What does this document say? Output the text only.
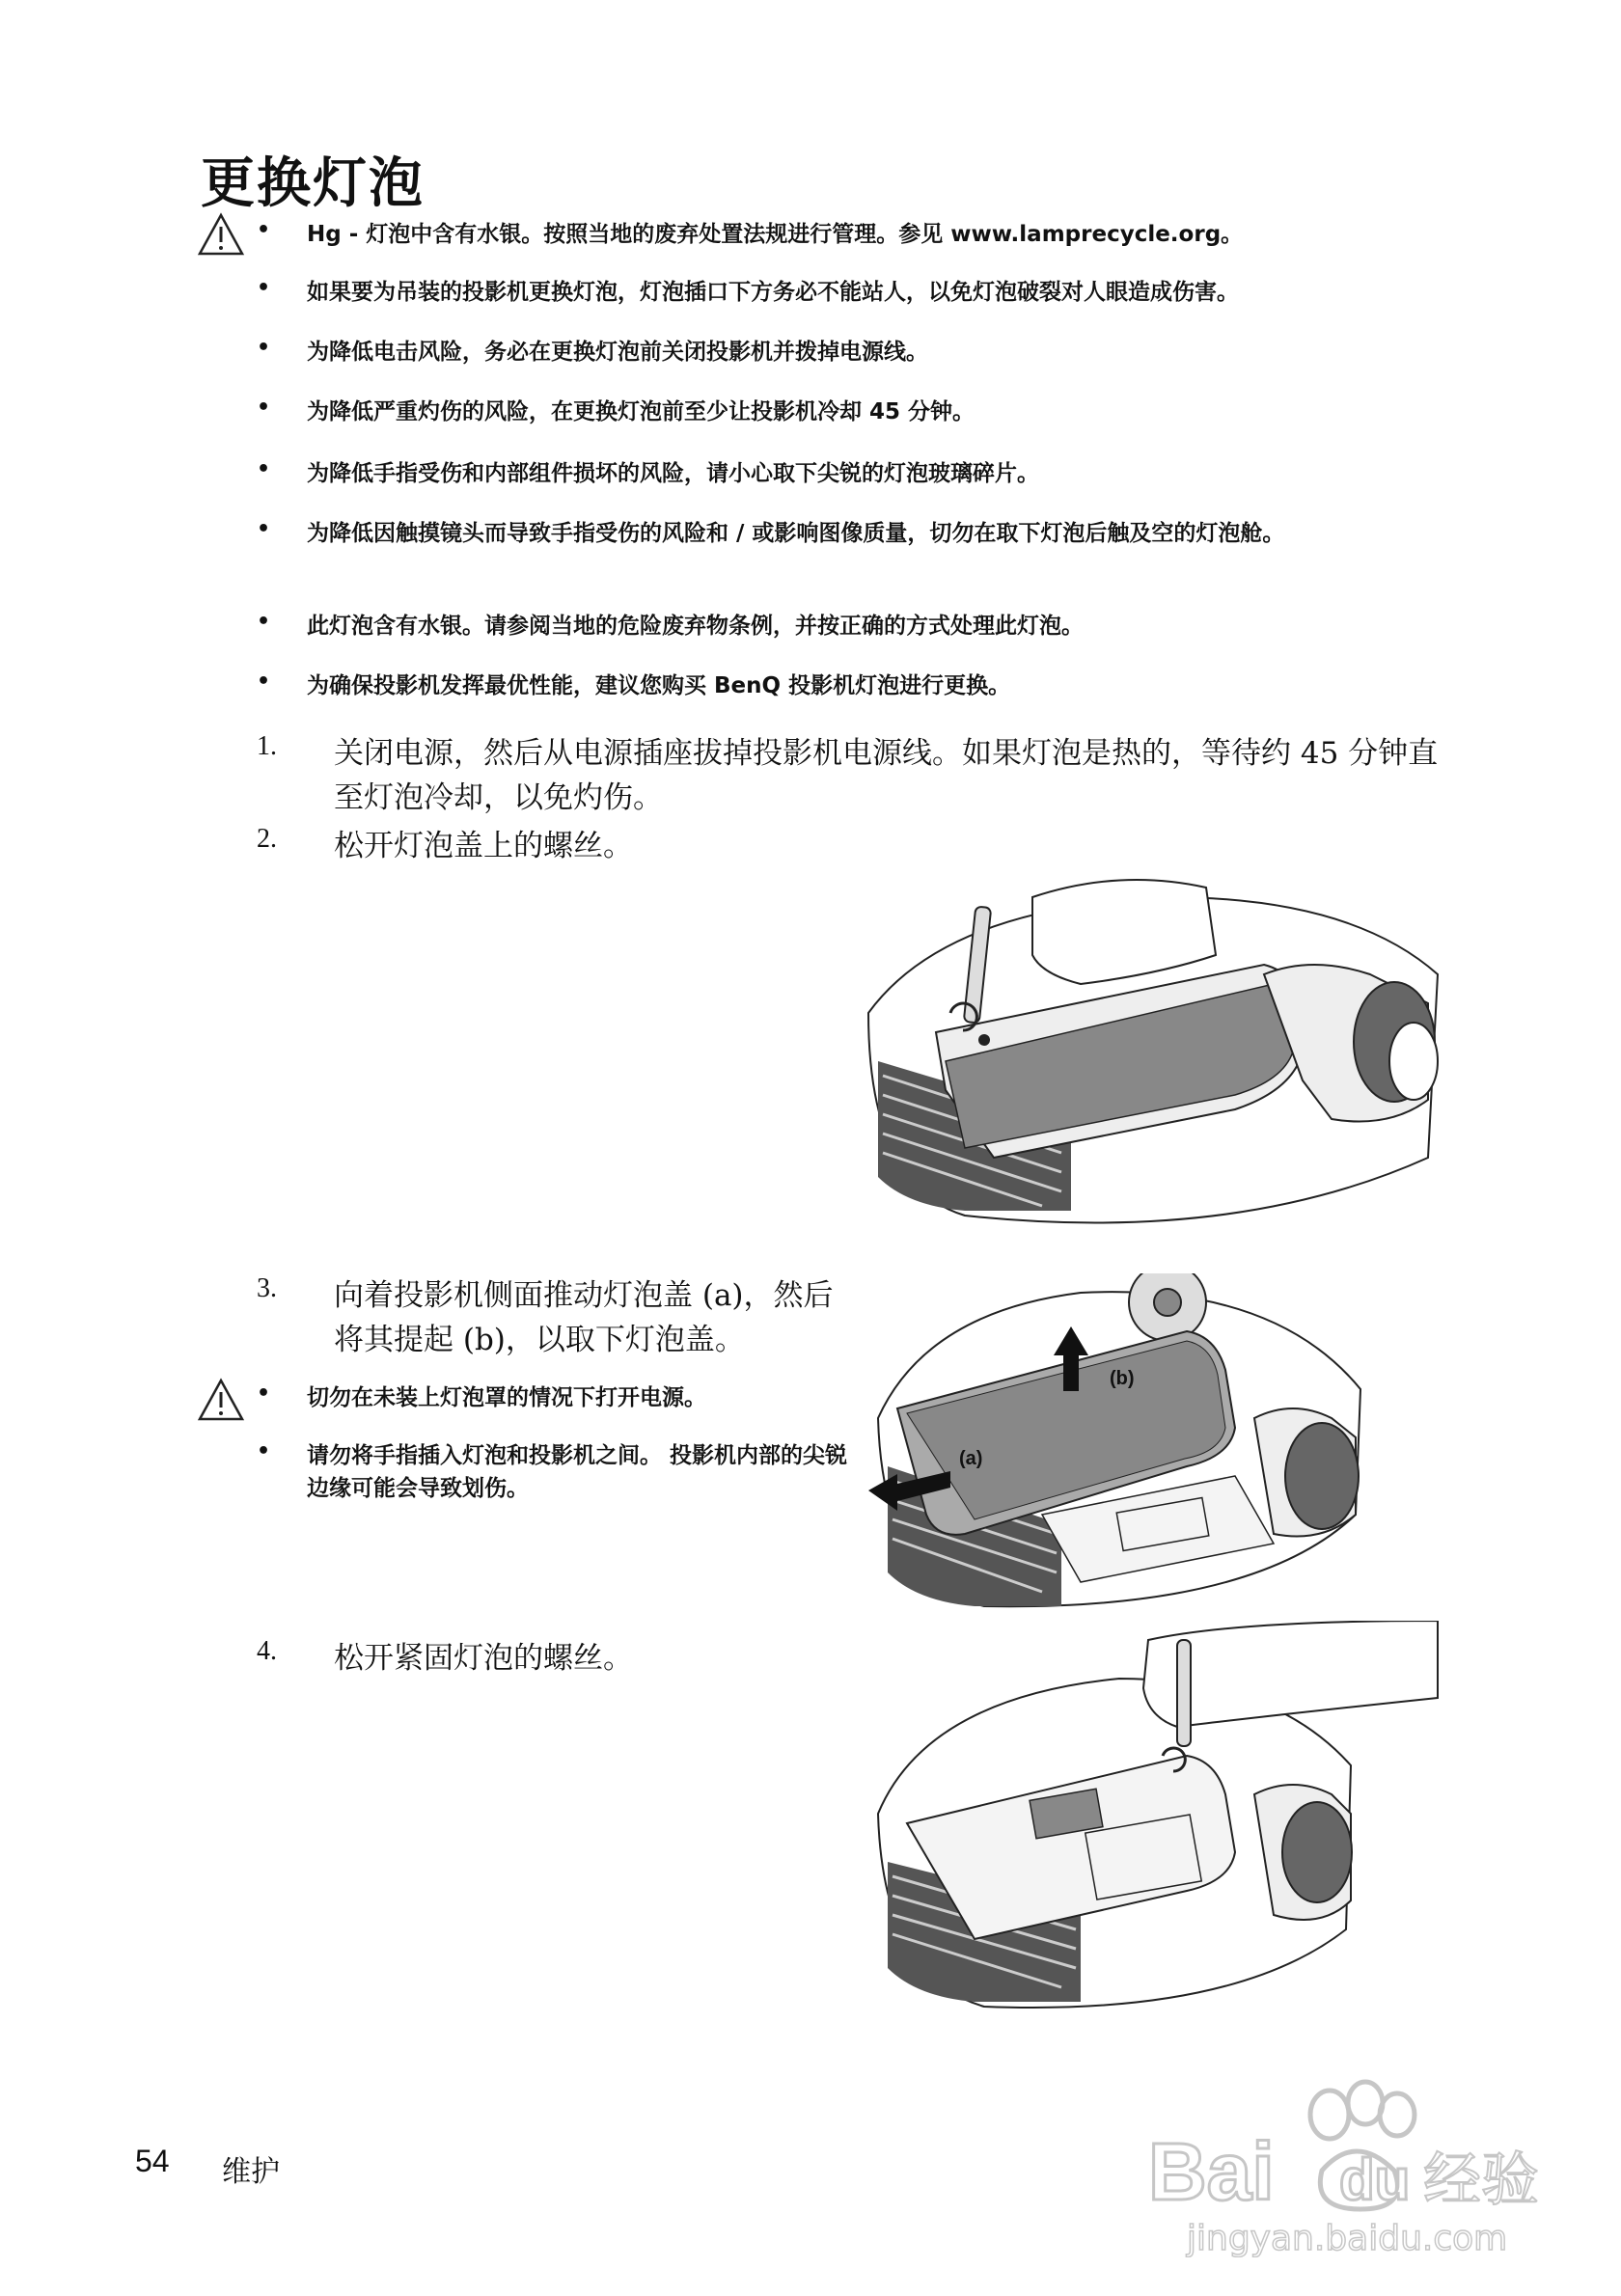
更换灯泡
• Hg - 灯泡中含有水银。按照当地的废弃处置法规进行管理。参见 www.lamprecycle.org。
• 如果要为吊装的投影机更换灯泡，灯泡插口下方务必不能站人，以免灯泡破裂对人眼造成伤害。
• 为降低电击风险，务必在更换灯泡前关闭投影机并拨掉电源线。
• 为降低严重灼伤的风险，在更换灯泡前至少让投影机冷却 45 分钟。
• 为降低手指受伤和内部组件损坏的风险，请小心取下尖锐的灯泡玻璃碎片。
• 为降低因触摸镜头而导致手指受伤的风险和 / 或影响图像质量，切勿在取下灯泡后触及空的灯泡舱。
• 此灯泡含有水银。请参阅当地的危险废弃物条例，并按正确的方式处理此灯泡。
• 为确保投影机发挥最优性能，建议您购买 BenQ 投影机灯泡进行更换。
1. 关闭电源，然后从电源插座拔掉投影机电源线。如果灯泡是热的，等待约 45 分钟直至灯泡冷却，以免灼伤。
2. 松开灯泡盖上的螺丝。
3. 向着投影机侧面推动灯泡盖 (a)，然后将其提起 (b)，以取下灯泡盖。
• 切勿在未装上灯泡罩的情况下打开电源。
• 请勿将手指插入灯泡和投影机之间。 投影机内部的尖锐边缘可能会导致划伤。
(b)
(a)
4. 松开紧固灯泡的螺丝。
54 维护	Bai du 经验
jingyan.baidu.com
